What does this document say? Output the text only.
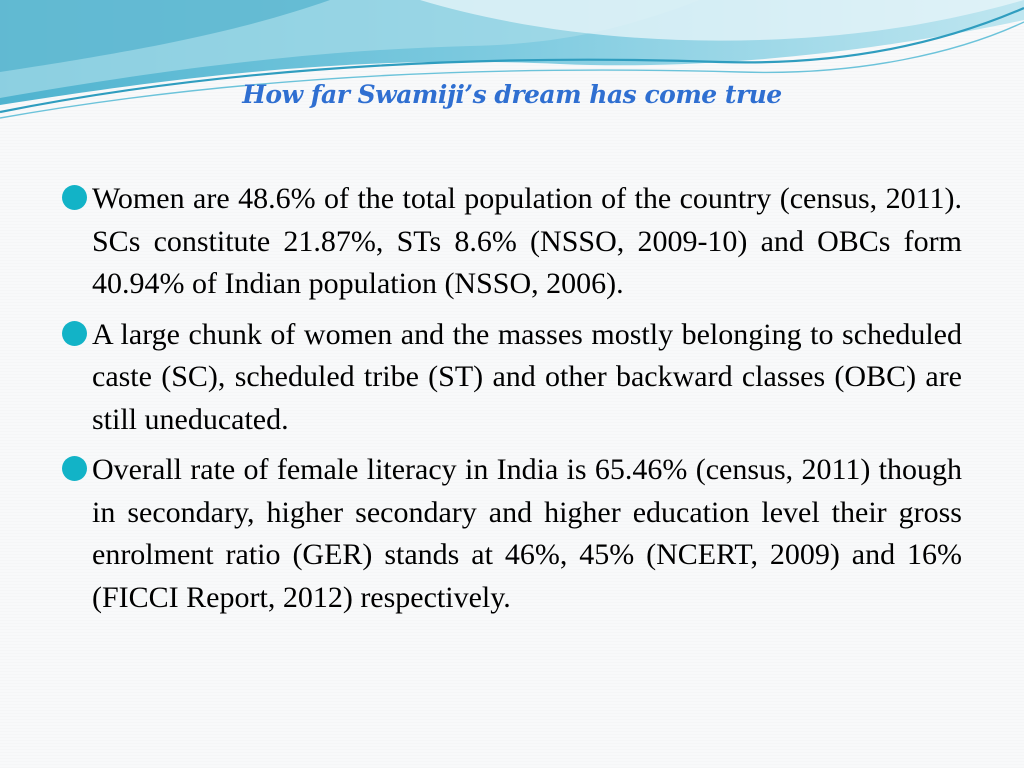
How far Swamiji’s dream has come true
Women are 48.6% of the total population of the country (census, 2011). SCs constitute 21.87%, STs 8.6% (NSSO, 2009-10) and OBCs form 40.94% of Indian population (NSSO, 2006).
A large chunk of women and the masses mostly belonging to scheduled caste (SC), scheduled tribe (ST) and other backward classes (OBC) are still uneducated.
Overall rate of female literacy in India is 65.46% (census, 2011) though in secondary, higher secondary and higher education level their gross enrolment ratio (GER) stands at 46%, 45% (NCERT, 2009) and 16% (FICCI Report, 2012) respectively.
